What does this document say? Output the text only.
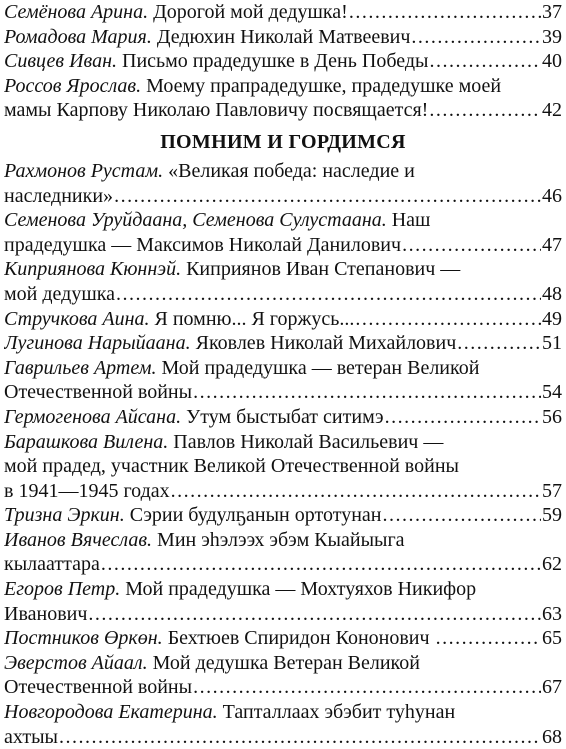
Семёнова Арина. Дорогой мой дедушка! .....	37
Ромадова Мария. Дедюхин Николай Матвеевич .....	39
Сивцев Иван. Письмо прадедушке в День Победы .....	40
Россов Ярослав. Моему прапрадедушке, прадедушке моей
мамы Карпову Николаю Павловичу посвящается! .....	42
ПОМНИМ И ГОРДИМСЯ
Рахмонов Рустам. «Великая победа: наследие и
наследники» .....	46
Семенова Уруйдаана, Семенова Сулустаана. Наш
прадедушка — Максимов Николай Данилович .....	47
Киприянова Кюннэй. Киприянов Иван Степанович —
мой дедушка .....	48
Стручкова Аина. Я помню... Я горжусь... .....	49
Лугинова Нарыйаана. Яковлев Николай Михайлович .....	51
Гаврильев Артем. Мой прадедушка — ветеран Великой
Отечественной войны .....	54
Гермогенова Айсана. Утум быстыбат ситимэ .....	56
Барашкова Вилена. Павлов Николай Васильевич —
мой прадед, участник Великой Отечественной войны
в 1941—1945 годах .....	57
Тризна Эркин. Сэрии будулҕанын ортотунан .....	59
Иванов Вячеслав. Мин эһэлээх эбэм Кыайыыга
кылааттара .....	62
Егоров Петр. Мой прадедушка — Мохтуяхов Никифор
Иванович .....	63
Постников Өркөн. Бехтюев Спиридон Кононович .....	65
Эверстов Айаал. Мой дедушка Ветеран Великой
Отечественной войны .....	67
Новгородова Екатерина. Тапталлаах эбэбит туһунан
ахтыы .....	68
